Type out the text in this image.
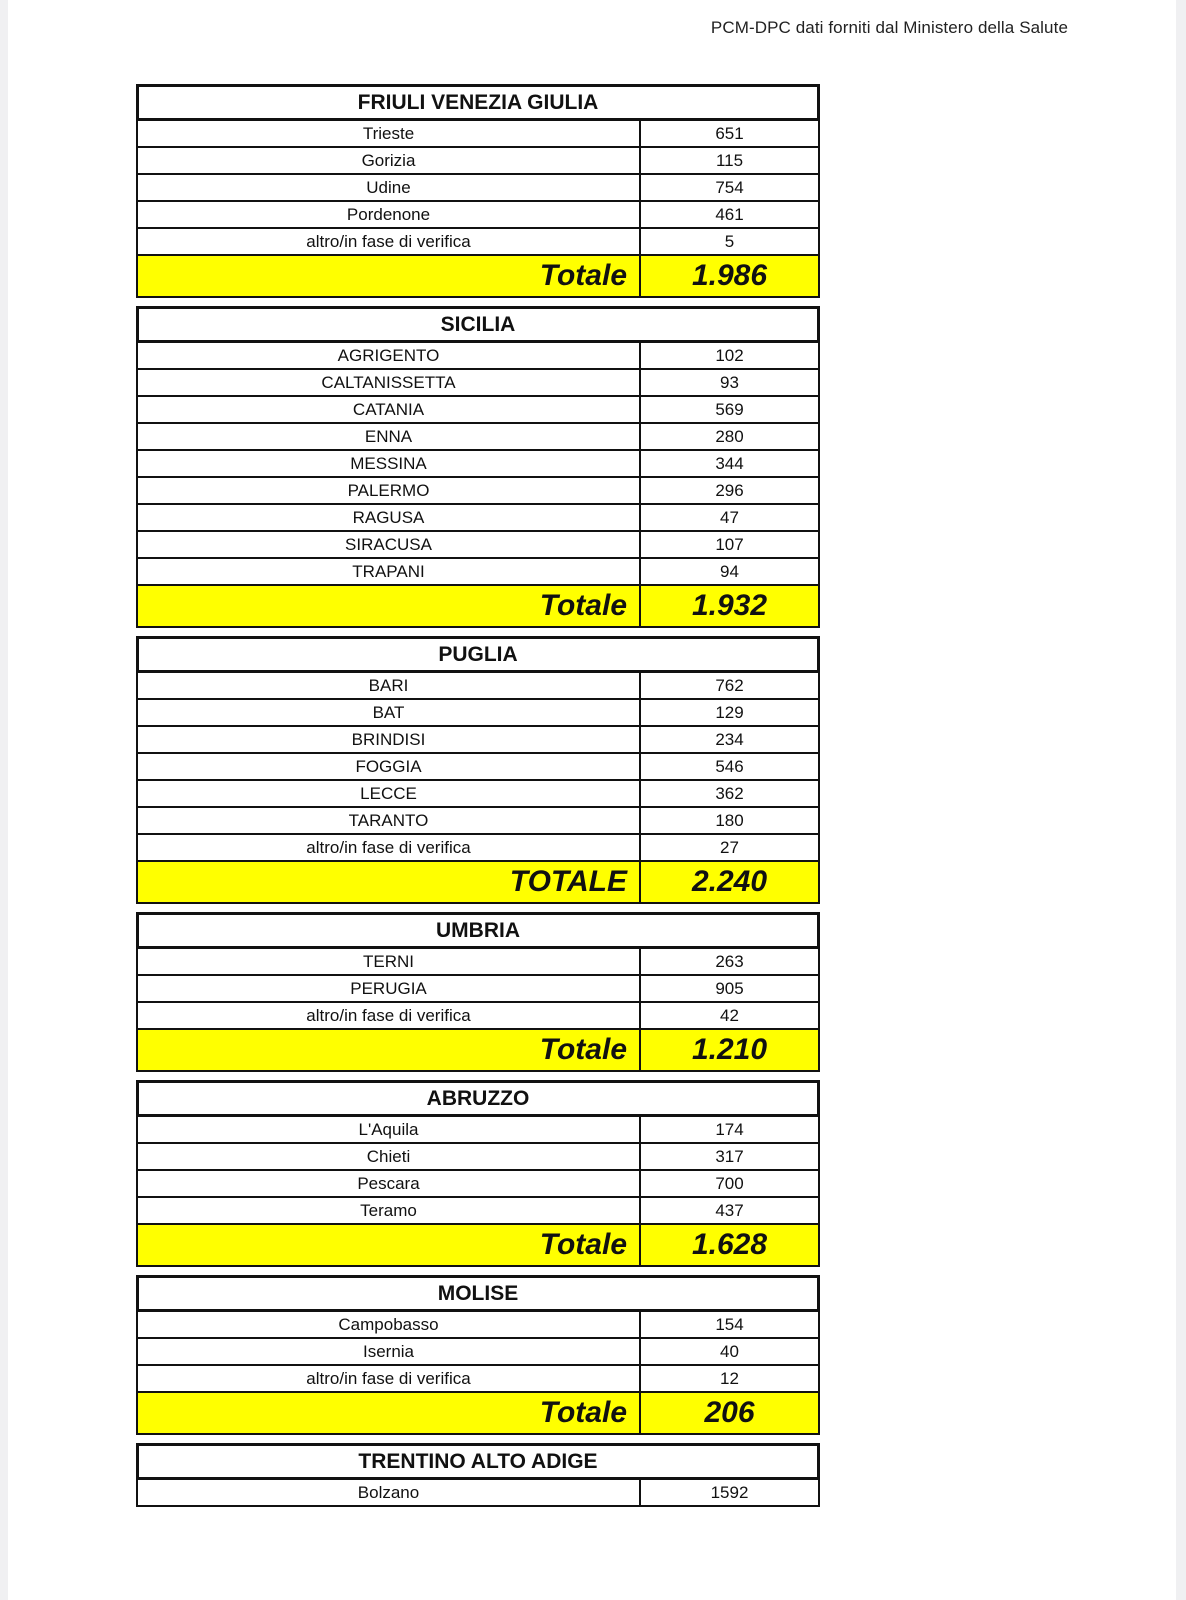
PCM-DPC dati forniti dal Ministero della Salute
FRIULI VENEZIA GIULIA
Trieste	651
Gorizia	115
Udine	754
Pordenone	461
altro/in fase di verifica	5
Totale	1.986
SICILIA
AGRIGENTO	102
CALTANISSETTA	93
CATANIA	569
ENNA	280
MESSINA	344
PALERMO	296
RAGUSA	47
SIRACUSA	107
TRAPANI	94
Totale	1.932
PUGLIA
BARI	762
BAT	129
BRINDISI	234
FOGGIA	546
LECCE	362
TARANTO	180
altro/in fase di verifica	27
TOTALE	2.240
UMBRIA
TERNI	263
PERUGIA	905
altro/in fase di verifica	42
Totale	1.210
ABRUZZO
L'Aquila	174
Chieti	317
Pescara	700
Teramo	437
Totale	1.628
MOLISE
Campobasso	154
Isernia	40
altro/in fase di verifica	12
Totale	206
TRENTINO ALTO ADIGE
Bolzano	1592
